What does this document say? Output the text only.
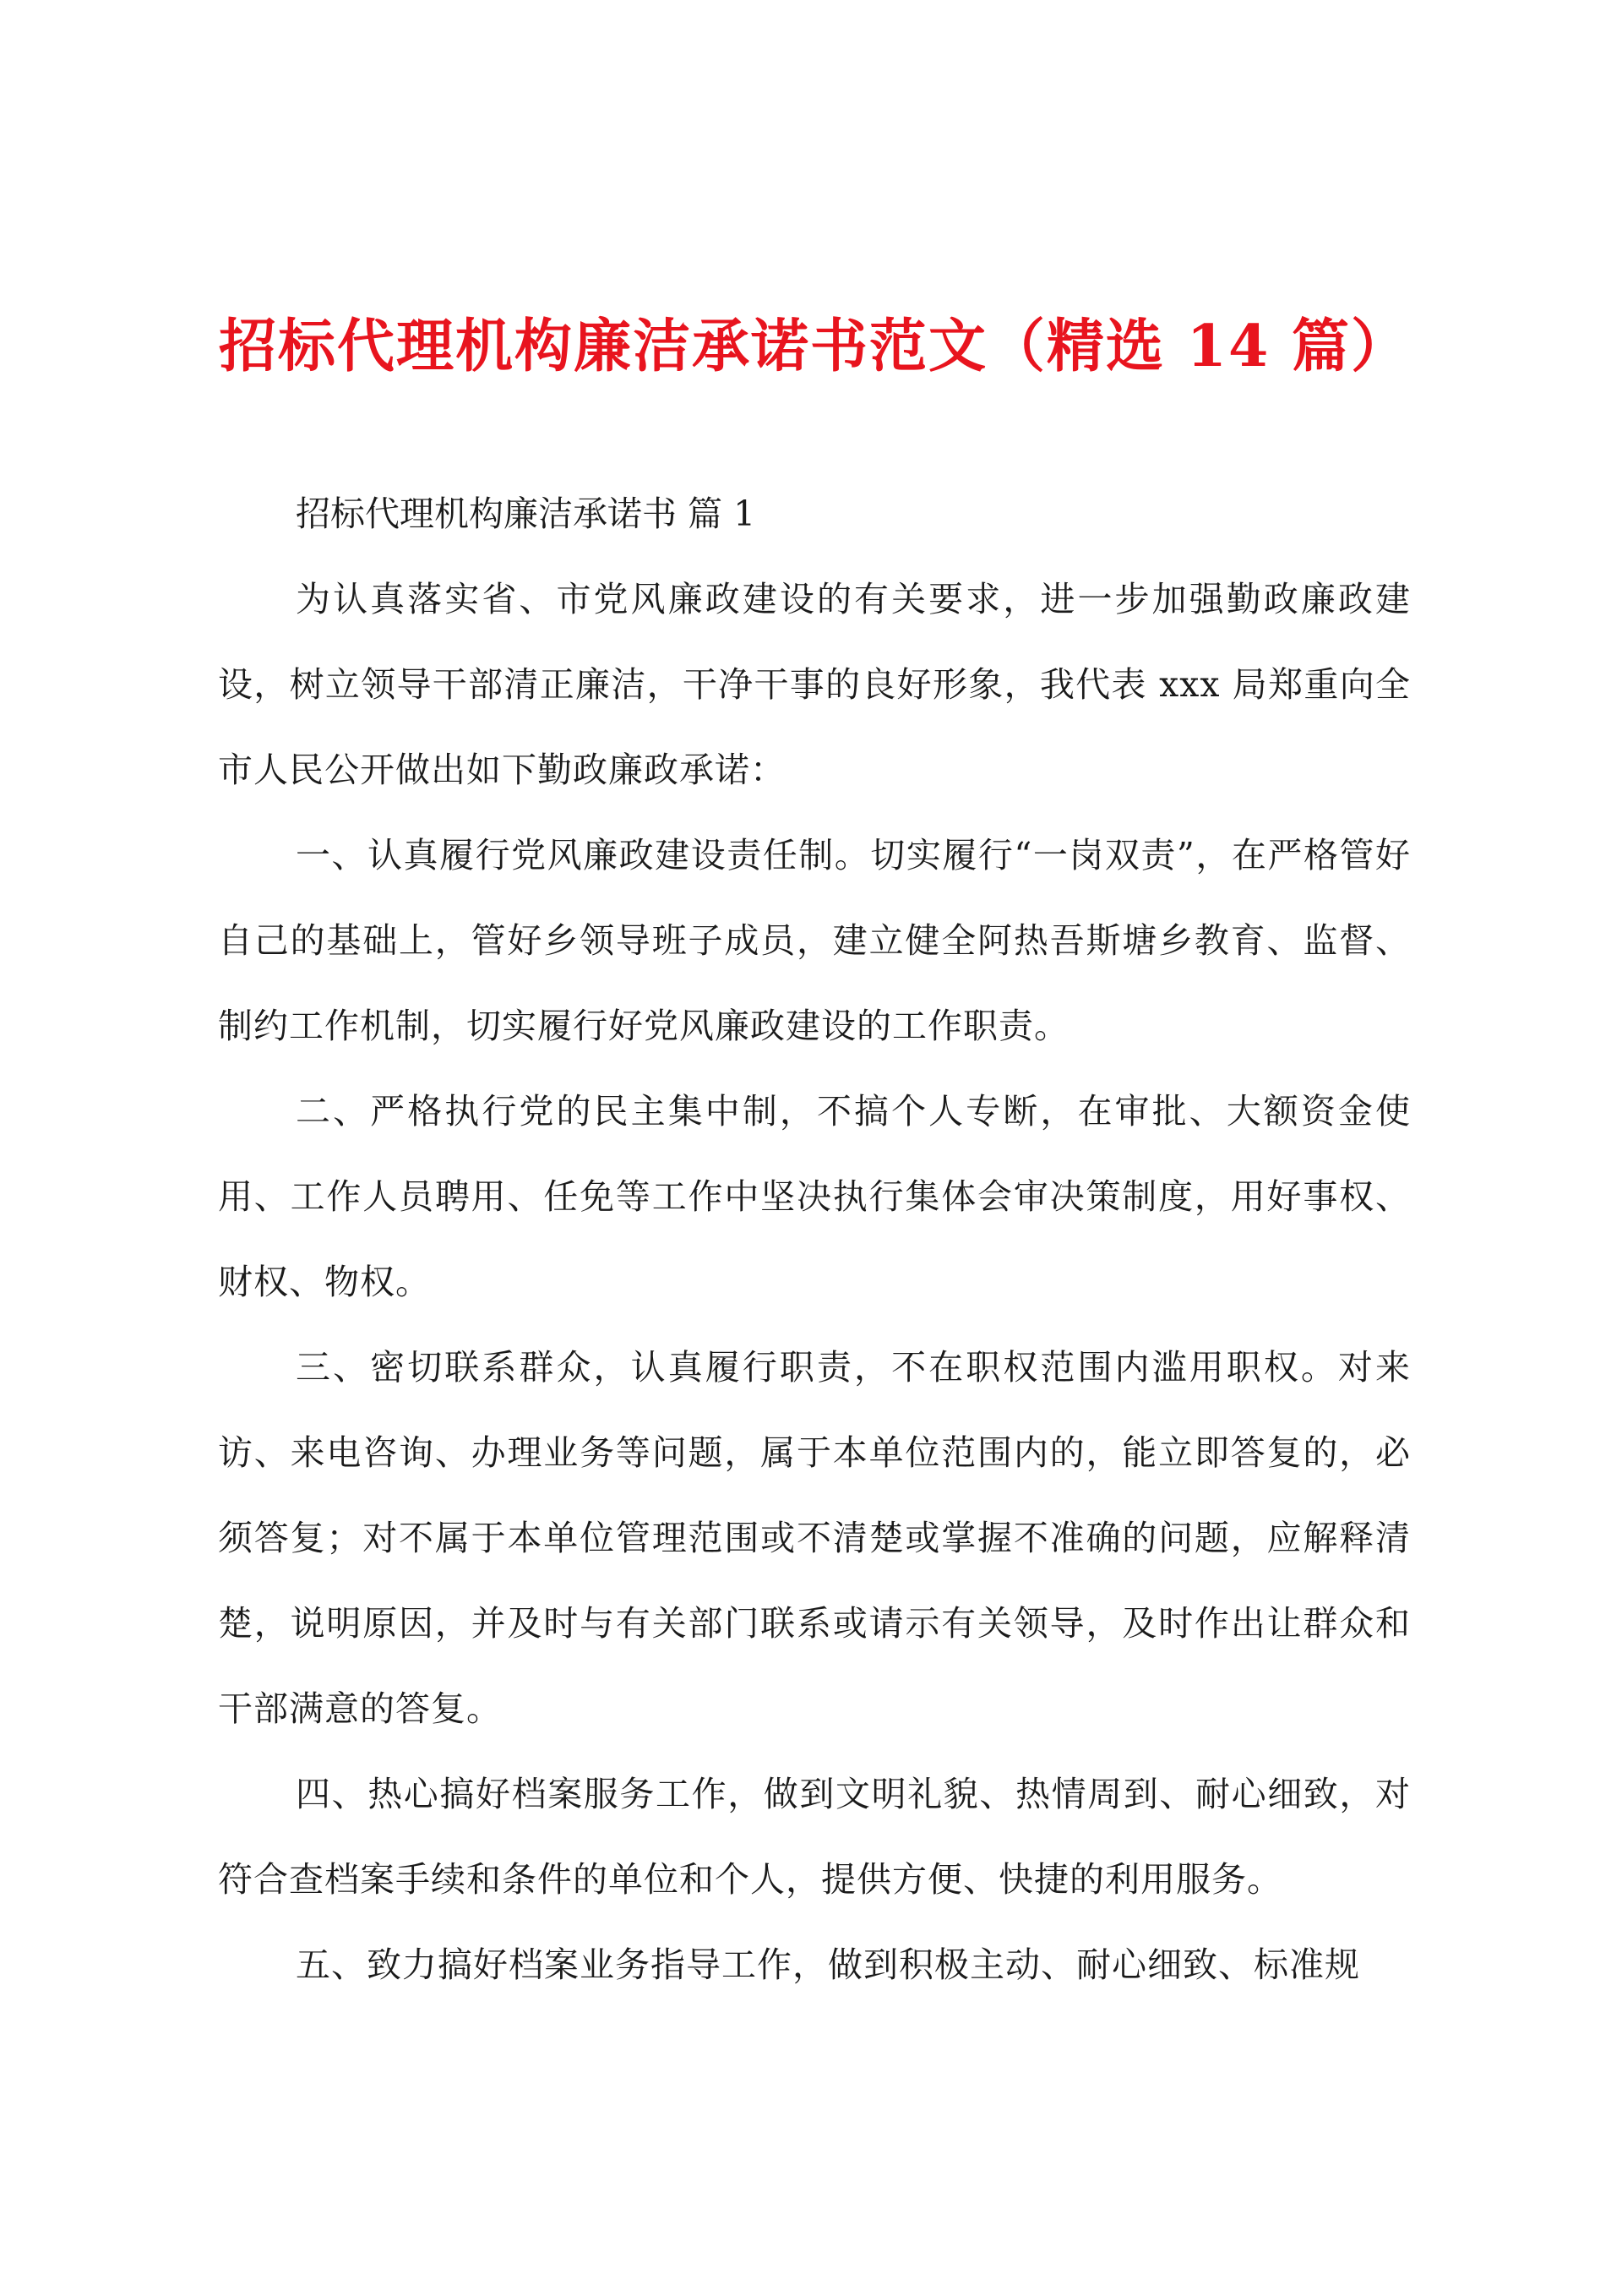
招标代理机构廉洁承诺书范文（精选 14 篇）

招标代理机构廉洁承诺书 篇 1

为认真落实省、市党风廉政建设的有关要求，进一步加强勤政廉政建设，树立领导干部清正廉洁，干净干事的良好形象，我代表 xxx 局郑重向全市人民公开做出如下勤政廉政承诺：

一、认真履行党风廉政建设责任制。切实履行“一岗双责”，在严格管好自己的基础上，管好乡领导班子成员，建立健全阿热吾斯塘乡教育、监督、制约工作机制，切实履行好党风廉政建设的工作职责。

二、严格执行党的民主集中制，不搞个人专断，在审批、大额资金使用、工作人员聘用、任免等工作中坚决执行集体会审决策制度，用好事权、财权、物权。

三、密切联系群众，认真履行职责，不在职权范围内滥用职权。对来访、来电咨询、办理业务等问题，属于本单位范围内的，能立即答复的，必须答复；对不属于本单位管理范围或不清楚或掌握不准确的问题，应解释清楚，说明原因，并及时与有关部门联系或请示有关领导，及时作出让群众和干部满意的答复。

四、热心搞好档案服务工作，做到文明礼貌、热情周到、耐心细致，对符合查档案手续和条件的单位和个人，提供方便、快捷的利用服务。

五、致力搞好档案业务指导工作，做到积极主动、耐心细致、标准规
